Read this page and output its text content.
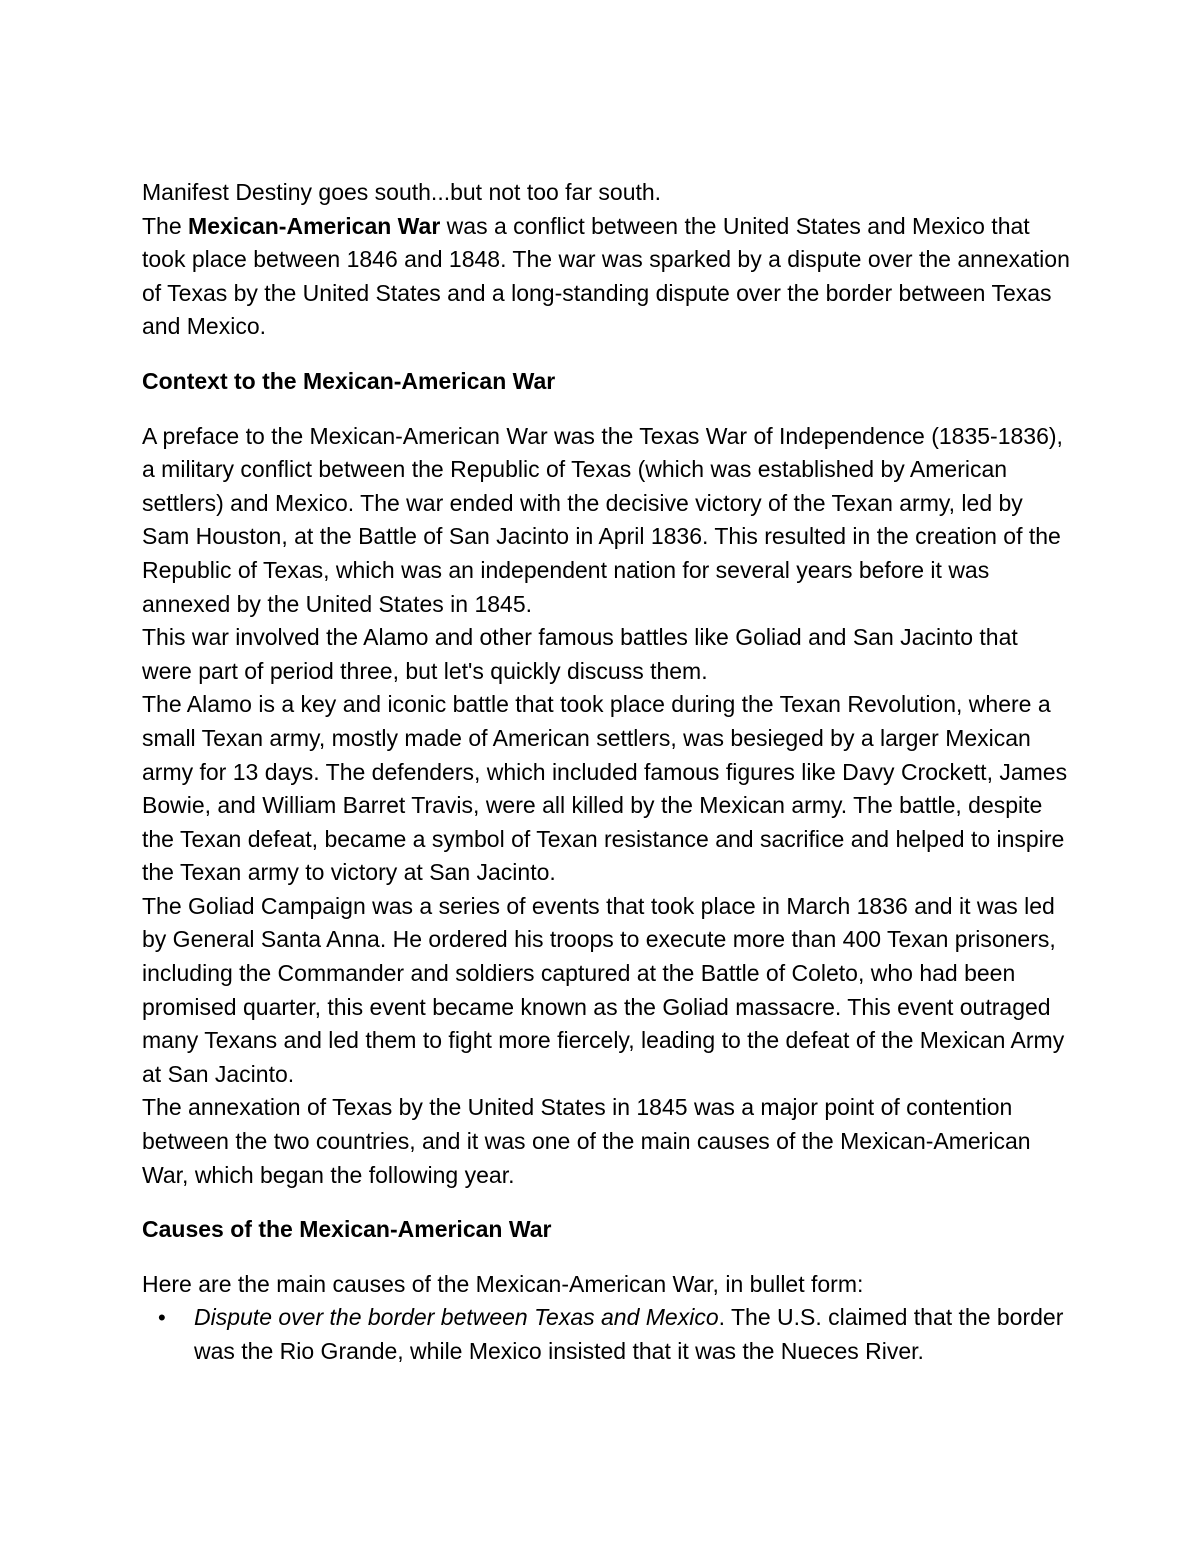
Manifest Destiny goes south...but not too far south.

The Mexican-American War was a conflict between the United States and Mexico that took place between 1846 and 1848. The war was sparked by a dispute over the annexation of Texas by the United States and a long-standing dispute over the border between Texas and Mexico.

Context to the Mexican-American War

A preface to the Mexican-American War was the Texas War of Independence (1835-1836), a military conflict between the Republic of Texas (which was established by American settlers) and Mexico. The war ended with the decisive victory of the Texan army, led by Sam Houston, at the Battle of San Jacinto in April 1836. This resulted in the creation of the Republic of Texas, which was an independent nation for several years before it was annexed by the United States in 1845.

This war involved the Alamo and other famous battles like Goliad and San Jacinto that were part of period three, but let's quickly discuss them.

The Alamo is a key and iconic battle that took place during the Texan Revolution, where a small Texan army, mostly made of American settlers, was besieged by a larger Mexican army for 13 days. The defenders, which included famous figures like Davy Crockett, James Bowie, and William Barret Travis, were all killed by the Mexican army. The battle, despite the Texan defeat, became a symbol of Texan resistance and sacrifice and helped to inspire the Texan army to victory at San Jacinto.

The Goliad Campaign was a series of events that took place in March 1836 and it was led by General Santa Anna. He ordered his troops to execute more than 400 Texan prisoners, including the Commander and soldiers captured at the Battle of Coleto, who had been promised quarter, this event became known as the Goliad massacre. This event outraged many Texans and led them to fight more fiercely, leading to the defeat of the Mexican Army at San Jacinto.

The annexation of Texas by the United States in 1845 was a major point of contention between the two countries, and it was one of the main causes of the Mexican-American War, which began the following year.

Causes of the Mexican-American War

Here are the main causes of the Mexican-American War, in bullet form:

• Dispute over the border between Texas and Mexico. The U.S. claimed that the border was the Rio Grande, while Mexico insisted that it was the Nueces River.
